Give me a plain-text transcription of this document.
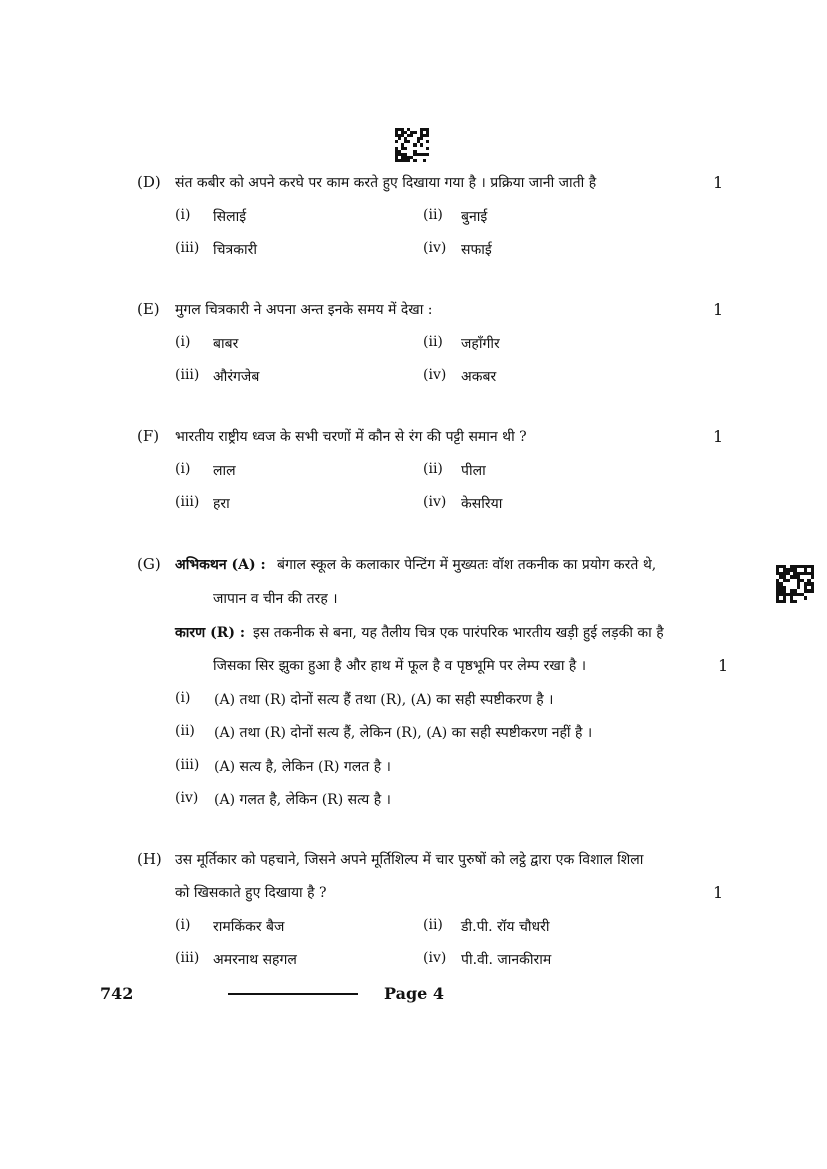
(D) संत कबीर को अपने करघे पर काम करते हुए दिखाया गया है । प्रक्रिया जानी जाती है	1
(i) सिलाई	(ii) बुनाई
(iii) चित्रकारी	(iv) सफाई
(E) मुगल चित्रकारी ने अपना अन्त इनके समय में देखा :	1
(i) बाबर	(ii) जहाँगीर
(iii) औरंगजेब	(iv) अकबर
(F) भारतीय राष्ट्रीय ध्वज के सभी चरणों में कौन से रंग की पट्टी समान थी ?	1
(i) लाल	(ii) पीला
(iii) हरा	(iv) केसरिया
(G) अभिकथन (A) : बंगाल स्कूल के कलाकार पेन्टिंग में मुख्यतः वॉश तकनीक का प्रयोग करते थे,
जापान व चीन की तरह ।
कारण (R) : इस तकनीक से बना, यह तैलीय चित्र एक पारंपरिक भारतीय खड़ी हुई लड़की का है
जिसका सिर झुका हुआ है और हाथ में फूल है व पृष्ठभूमि पर लेम्प रखा है ।	1
(i) (A) तथा (R) दोनों सत्य हैं तथा (R), (A) का सही स्पष्टीकरण है ।
(ii) (A) तथा (R) दोनों सत्य हैं, लेकिन (R), (A) का सही स्पष्टीकरण नहीं है ।
(iii) (A) सत्य है, लेकिन (R) गलत है ।
(iv) (A) गलत है, लेकिन (R) सत्य है ।
(H) उस मूर्तिकार को पहचाने, जिसने अपने मूर्तिशिल्प में चार पुरुषों को लट्ठे द्वारा एक विशाल शिला
को खिसकाते हुए दिखाया है ?	1
(i) रामकिंकर बैज	(ii) डी.पी. रॉय चौधरी
(iii) अमरनाथ सहगल	(iv) पी.वी. जानकीराम
742	Page 4
